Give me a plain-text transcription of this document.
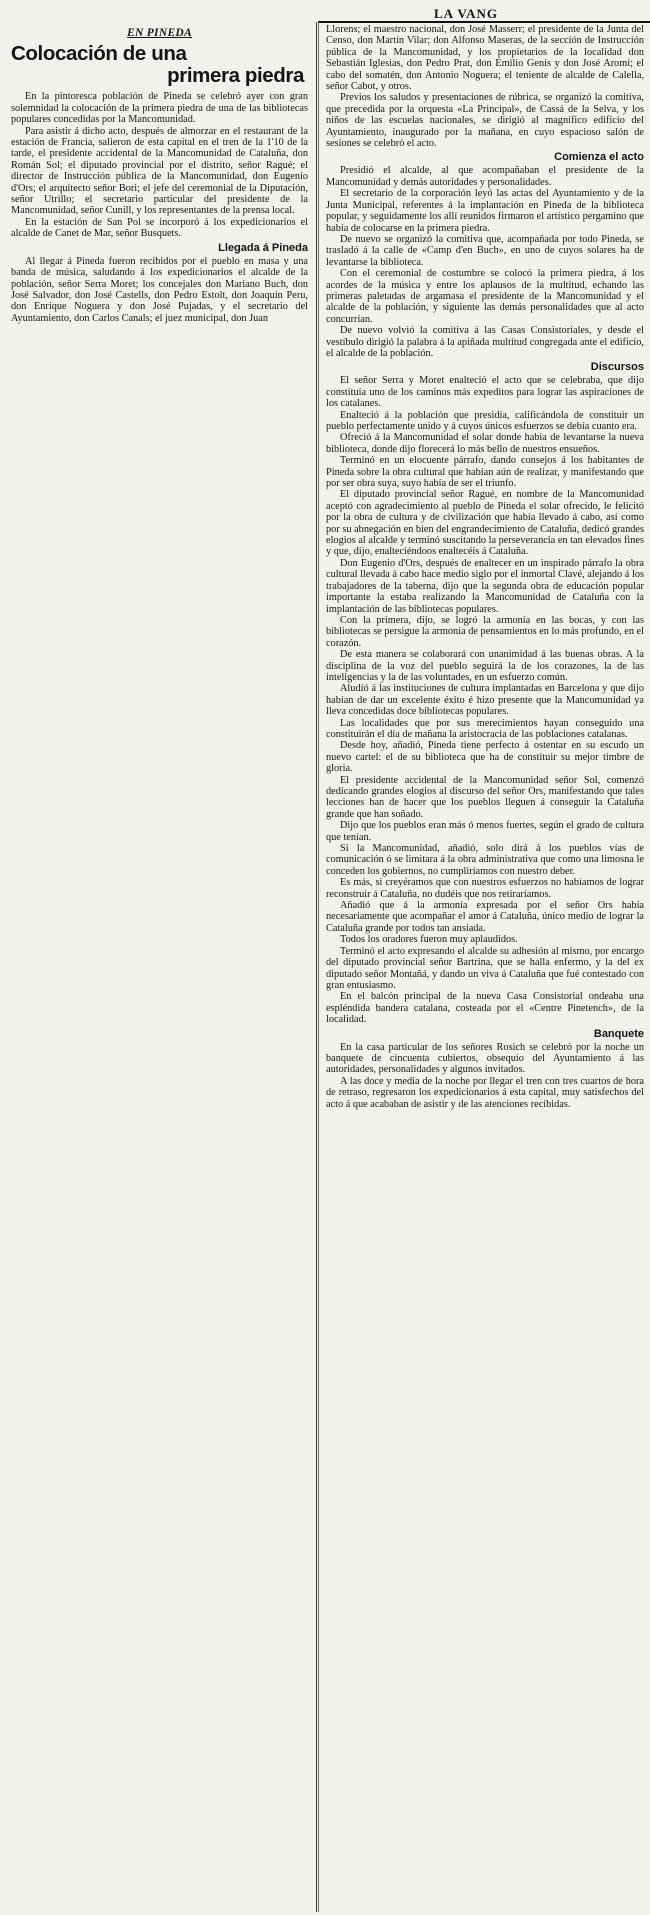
LA VANG
EN PINEDA
Colocación de una
primera piedra

En la pintoresca población de Pineda se celebró ayer con gran solemnidad la colocación de la primera piedra de una de las bibliotecas populares concedidas por la Mancomunidad.

Para asistir á dicho acto, después de almorzar en el restaurant de la estación de Francia, salieron de esta capital en el tren de la 1'10 de la tarde, el presidente accidental de la Mancomunidad de Cataluña, don Román Sol; el diputado provincial por el distrito, señor Ragué; el director de Instrucción pública de la Mancomunidad, don Eugenio d'Ors; el arquitecto señor Bori; el jefe del ceremonial de la Diputación, señor Utrillo; el secretario particular del presidente de la Mancomunidad, señor Cunill, y los representantes de la prensa local.

En la estación de San Pol se incorporó á los expedicionarios el alcalde de Canet de Mar, señor Busquets.

Llegada á Pineda

Al llegar á Pineda fueron recibidos por el pueblo en masa y una banda de música, saludando á los expedicionarios el alcalde de la población, señor Serra Moret; los concejales don Mariano Buch, don José Salvador, don José Castells, don Pedro Estolt, don Joaquín Peru, don Enrique Noguera y don José Pujadas, y el secretario del Ayuntamiento, don Carlos Canals; el juez municipal, don Juan

Llorens; el maestro nacional, don José Masserr; el presidente de la Junta del Censo, don Martín Vilar; don Alfonso Maseras, de la sección de Instrucción pública de la Mancomunidad, y los propietarios de la localidad don Sebastián Iglesias, don Pedro Prat, don Emilio Genís y don José Aromí; el cabo del somatén, don Antonio Noguera; el teniente de alcalde de Calella, señor Cabot, y otros.

Previos los saludos y presentaciones de rúbrica, se organizó la comitiva, que precedida por la orquesta «La Principal», de Cassá de la Selva, y los niños de las escuelas nacionales, se dirigió al magnífico edificio del Ayuntamiento, inaugurado por la mañana, en cuyo espacioso salón de sesiones se celebró el acto.

Comienza el acto

Presidió el alcalde, al que acompañaban el presidente de la Mancomunidad y demás autoridades y personalidades.

El secretario de la corporación leyó las actas del Ayuntamiento y de la Junta Municipal, referentes á la implantación en Pineda de la biblioteca popular, y seguidamente los allí reunidos firmaron el artístico pergamino que había de colocarse en la primera piedra.

De nuevo se organizó la comitiva que, acompañada por todo Pineda, se trasladó á la calle de «Camp d'en Buch», en uno de cuyos solares ha de levantarse la biblioteca.

Con el ceremonial de costumbre se colocó la primera piedra, á los acordes de la música y entre los aplausos de la multitud, echando las primeras paletadas de argamasa el presidente de la Mancomunidad y el alcalde de la población, y siguiente las demás personalidades que al acto concurrían.

De nuevo volvió la comitiva á las Casas Consistoriales, y desde el vestíbulo dirigió la palabra á la apiñada multitud congregada ante el edificio, el alcalde de la población.

Discursos

El señor Serra y Moret enalteció el acto que se celebraba, que dijo constituía uno de los caminos más expeditos para lograr las aspiraciones de los catalanes.

Enalteció á la población que presidía, calificándola de constituir un pueblo perfectamente unido y á cuyos únicos esfuerzos se debía cuanto era.

Ofreció á la Mancomunidad el solar donde había de levantarse la nueva biblioteca, donde dijo florecerá lo más bello de nuestros ensueños.

Terminó en un elocuente párrafo, dando consejos á los habitantes de Pineda sobre la obra cultural que habían aún de realizar, y manifestando que por ser obra suya, suyo había de ser el triunfo.

El diputado provincial señor Ragué, en nombre de la Mancomunidad aceptó con agradecimiento al pueblo de Pineda el solar ofrecido, le felicitó por la obra de cultura y de civilización que había llevado á cabo, así como por su abnegación en bien del engrandecimiento de Cataluña, dedicó grandes elogios al alcalde y terminó suscitando la perseverancia en tan elevados fines y que, dijo, enalteciéndoos enaltecéis á Cataluña.

Don Eugenio d'Ors, después de enaltecer en un inspirado párrafo la obra cultural llevada á cabo hace medio siglo por el inmortal Clavé, alejando á los trabajadores de la taberna, dijo que la segunda obra de educación popular importante la estaba realizando la Mancomunidad de Cataluña con la implantación de las bibliotecas populares.

Con la primera, dijo, se logró la armonía en las bocas, y con las bibliotecas se persigue la armonía de pensamientos en lo más profundo, en el corazón.

De esta manera se colaborará con unanimidad á las buenas obras. A la disciplina de la voz del pueblo seguirá la de los corazones, la de las inteligencias y la de las voluntades, en un esfuerzo común.

Aludió á las instituciones de cultura implantadas en Barcelona y que dijo habían de dar un excelente éxito é hizo presente que la Mancomunidad ya lleva concedidas doce bibliotecas populares.

Las localidades que por sus merecimientos hayan conseguido una constituirán el día de mañana la aristocracia de las poblaciones catalanas.

Desde hoy, añadió, Pineda tiene perfecto á ostentar en su escudo un nuevo cartel: el de su biblioteca que ha de constituir su mejor timbre de gloria.

El presidente accidental de la Mancomunidad señor Sol, comenzó dedicando grandes elogios al discurso del señor Ors, manifestando que tales lecciones han de hacer que los pueblos lleguen á conseguir la Cataluña grande que han soñado.

Dijo que los pueblos eran más ó menos fuertes, según el grado de cultura que tenían.

Si la Mancomunidad, añadió, solo dirá á los pueblos vías de comunicación ó se limitara á la obra administrativa que como una limosna le conceden los gobiernos, no cumpliríamos con nuestro deber.

Es más, si creyéramos que con nuestros esfuerzos no habíamos de lograr reconstruir á Cataluña, no dudéis que nos retiraríamos.

Añadió que á la armonía expresada por el señor Ors había necesariamente que acompañar el amor á Cataluña, único medio de lograr la Cataluña grande por todos tan ansiada.

Todos los oradores fueron muy aplaudidos.

Terminó el acto expresando el alcalde su adhesión al mismo, por encargo del diputado provincial señor Bartrina, que se halla enfermo, y la del ex diputado señor Montañá, y dando un viva á Cataluña que fué contestado con gran entusiasmo.

En el balcón principal de la nueva Casa Consistorial ondeaba una espléndida bandera catalana, costeada por el «Centre Pinetench», de la localidad.

Banquete

En la casa particular de los señores Rosich se celebró por la noche un banquete de cincuenta cubiertos, obsequio del Ayuntamiento á las autoridades, personalidades y algunos invitados.

A las doce y media de la noche por llegar el tren con tres cuartos de hora de retraso, regresaron los expedicionarios á esta capital, muy satisfechos del acto á que acababan de asistir y de las atenciones recibidas.
